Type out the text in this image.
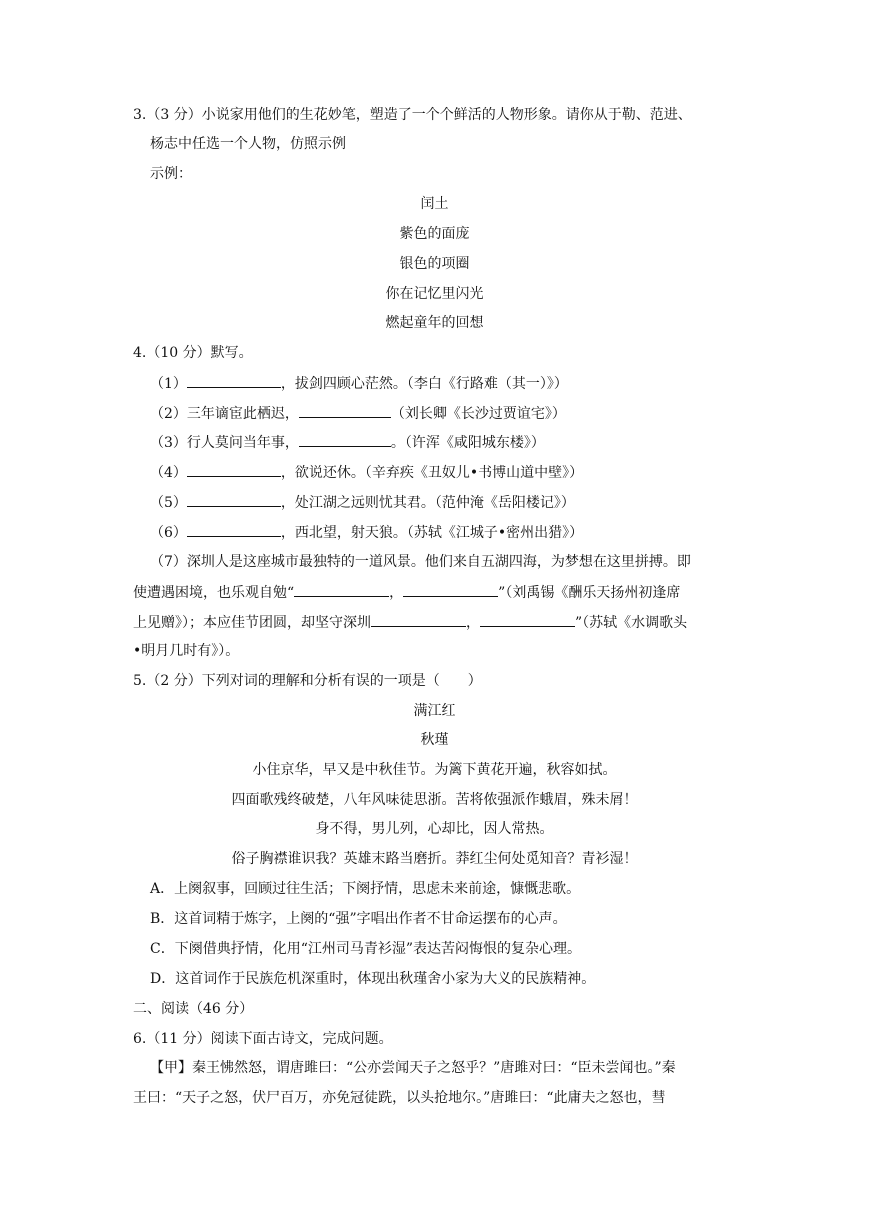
3.（3 分）小说家用他们的生花妙笔，塑造了一个个鲜活的人物形象。请你从于勒、范进、
杨志中任选一个人物，仿照示例
示例：
闰土
紫色的面庞
银色的项圈
你在记忆里闪光
燃起童年的回想
4.（10 分）默写。
（1）	，拔剑四顾心茫然。（李白《行路难（其一）》）
（2）三年谪宦此栖迟，	（刘长卿《长沙过贾谊宅》）
（3）行人莫问当年事，	。（许浑《咸阳城东楼》）
（4）	，欲说还休。（辛弃疾《丑奴儿•书博山道中壁》）
（5）	，处江湖之远则忧其君。（范仲淹《岳阳楼记》）
（6）	，西北望，射天狼。（苏轼《江城子•密州出猎》）
（7）深圳人是这座城市最独特的一道风景。他们来自五湖四海，为梦想在这里拼搏。即
使遭遇困境，也乐观自勉“	，	”（刘禹锡《酬乐天扬州初逢席
上见赠》）；本应佳节团圆，却坚守深圳	，	”（苏轼《水调歌头
•明月几时有》）。
5.（2 分）下列对词的理解和分析有误的一项是（　　）
满江红
秋瑾
小住京华，早又是中秋佳节。为篱下黄花开遍，秋容如拭。
四面歌残终破楚，八年风味徒思浙。苦将侬强派作蛾眉，殊未屑！
身不得，男儿列，心却比，因人常热。
俗子胸襟谁识我？英雄末路当磨折。莽红尘何处觅知音？青衫湿！
A．上阕叙事，回顾过往生活；下阕抒情，思虑未来前途，慷慨悲歌。
B．这首词精于炼字，上阕的“强”字唱出作者不甘命运摆布的心声。
C．下阕借典抒情，化用“江州司马青衫湿”表达苦闷悔恨的复杂心理。
D．这首词作于民族危机深重时，体现出秋瑾舍小家为大义的民族精神。
二、阅读（46 分）
6.（11 分）阅读下面古诗文，完成问题。
【甲】秦王怫然怒，谓唐雎曰：“公亦尝闻天子之怒乎？”唐雎对曰：“臣未尝闻也。”秦
王曰：“天子之怒，伏尸百万，亦免冠徒跣，以头抢地尔。”唐雎曰：“此庸夫之怒也，彗
